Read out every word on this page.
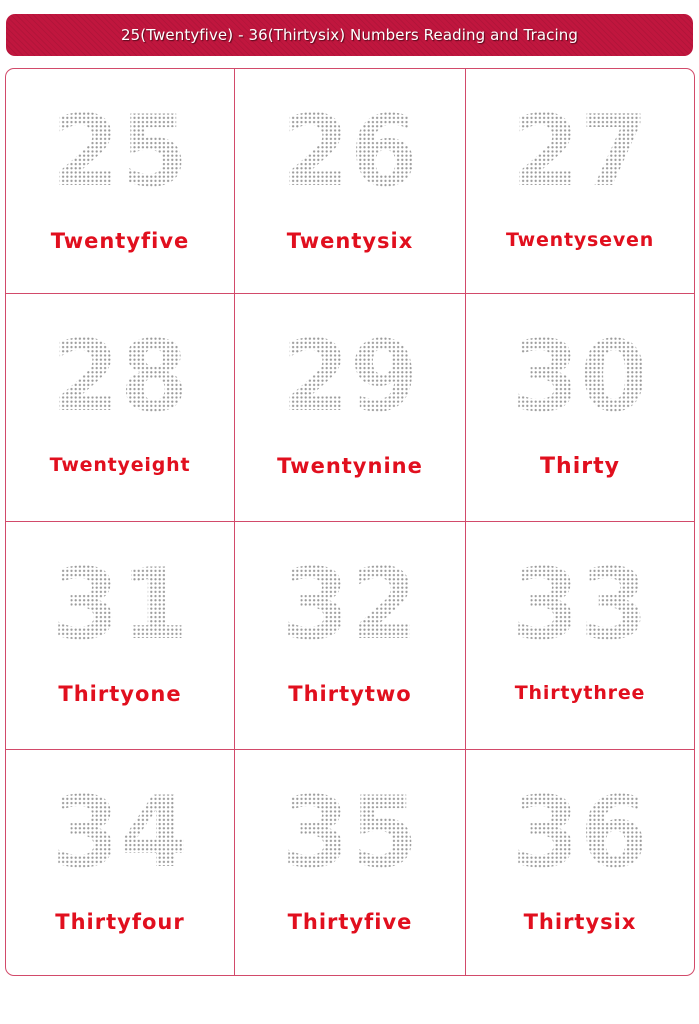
25(Twentyfive) - 36(Thirtysix) Numbers Reading and Tracing
25
Twentyfive
26
Twentysix
27
Twentyseven
28
Twentyeight
29
Twentynine
30
Thirty
31
Thirtyone
32
Thirtytwo
33
Thirtythree
34
Thirtyfour
35
Thirtyfive
36
Thirtysix
